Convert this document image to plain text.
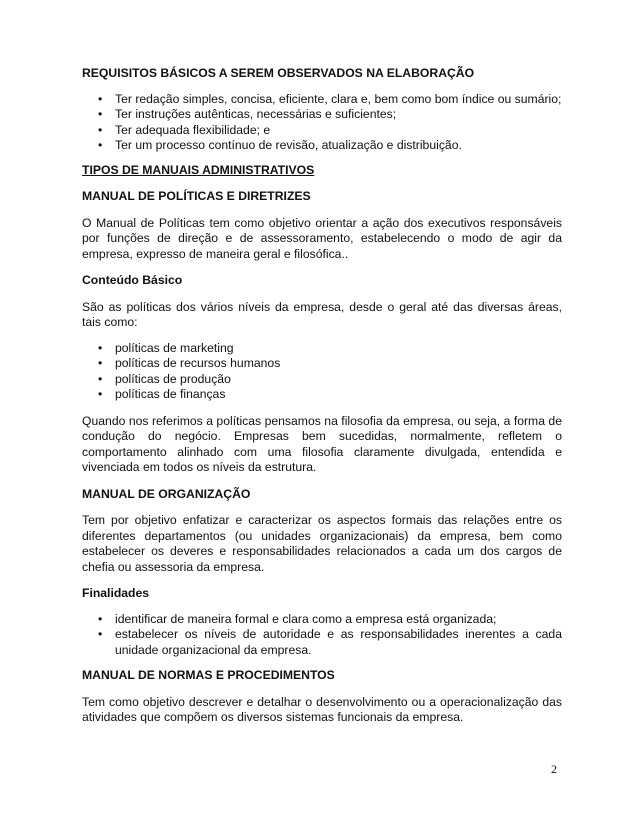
REQUISITOS BÁSICOS A SEREM OBSERVADOS NA ELABORAÇÃO

• Ter redação simples, concisa, eficiente, clara e, bem como bom índice ou sumário;
• Ter instruções autênticas, necessárias e suficientes;
• Ter adequada flexibilidade; e
• Ter um processo contínuo de revisão, atualização e distribuição.

TIPOS DE MANUAIS ADMINISTRATIVOS

MANUAL DE POLÍTICAS E DIRETRIZES

O Manual de Políticas tem como objetivo orientar a ação dos executivos responsáveis por funções de direção e de assessoramento, estabelecendo o modo de agir da empresa, expresso de maneira geral e filosófica..

Conteúdo Básico

São as políticas dos vários níveis da empresa, desde o geral até das diversas áreas, tais como:

• políticas de marketing
• políticas de recursos humanos
• políticas de produção
• políticas de finanças

Quando nos referimos a políticas pensamos na filosofia da empresa, ou seja, a forma de condução do negócio. Empresas bem sucedidas, normalmente, refletem o comportamento alinhado com uma filosofia claramente divulgada, entendida e vivenciada em todos os níveis da estrutura.

MANUAL DE ORGANIZAÇÃO

Tem por objetivo enfatizar e caracterizar os aspectos formais das relações entre os diferentes departamentos (ou unidades organizacionais) da empresa, bem como estabelecer os deveres e responsabilidades relacionados a cada um dos cargos de chefia ou assessoria da empresa.

Finalidades

• identificar de maneira formal e clara como a empresa está organizada;
• estabelecer os níveis de autoridade e as responsabilidades inerentes a cada unidade organizacional da empresa.

MANUAL DE NORMAS E PROCEDIMENTOS

Tem como objetivo descrever e detalhar o desenvolvimento ou a operacionalização das atividades que compõem os diversos sistemas funcionais da empresa.

2
